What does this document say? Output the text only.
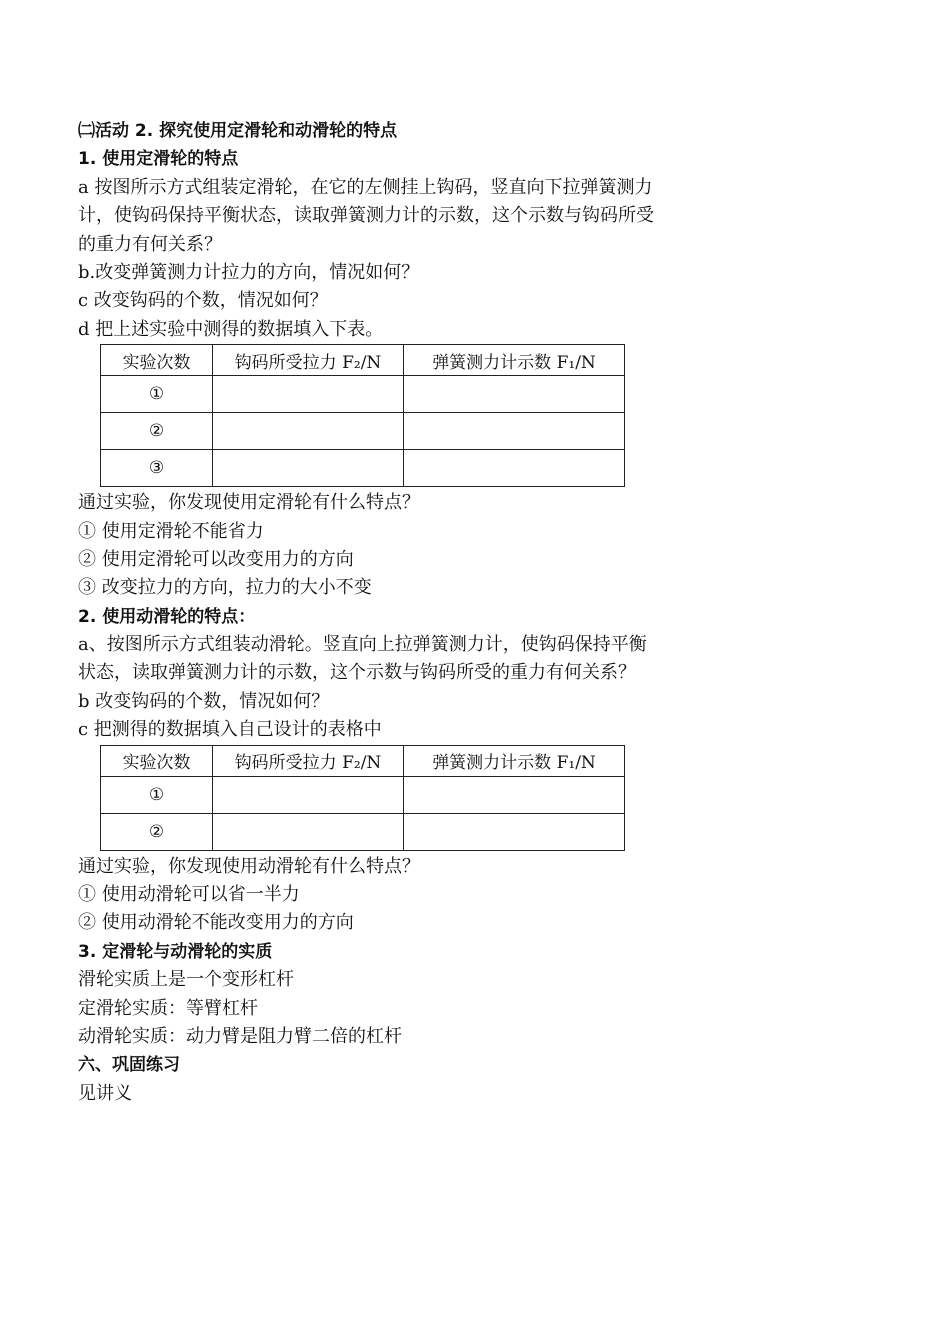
㈡活动 2. 探究使用定滑轮和动滑轮的特点
1. 使用定滑轮的特点
a 按图所示方式组装定滑轮，在它的左侧挂上钩码，竖直向下拉弹簧测力
计，使钩码保持平衡状态，读取弹簧测力计的示数，这个示数与钩码所受
的重力有何关系？
b.改变弹簧测力计拉力的方向，情况如何？
c 改变钩码的个数，情况如何？
d 把上述实验中测得的数据填入下表。
实验次数	钩码所受拉力 F₂/N	弹簧测力计示数 F₁/N
①		
②		
③		
通过实验，你发现使用定滑轮有什么特点？
① 使用定滑轮不能省力
② 使用定滑轮可以改变用力的方向
③ 改变拉力的方向，拉力的大小不变
2. 使用动滑轮的特点：
a、按图所示方式组装动滑轮。竖直向上拉弹簧测力计，使钩码保持平衡
状态，读取弹簧测力计的示数，这个示数与钩码所受的重力有何关系？
b 改变钩码的个数，情况如何？
c 把测得的数据填入自己设计的表格中
实验次数	钩码所受拉力 F₂/N	弹簧测力计示数 F₁/N
①		
②		
通过实验，你发现使用动滑轮有什么特点？
① 使用动滑轮可以省一半力
② 使用动滑轮不能改变用力的方向
3. 定滑轮与动滑轮的实质
滑轮实质上是一个变形杠杆
定滑轮实质：等臂杠杆
动滑轮实质：动力臂是阻力臂二倍的杠杆
六、巩固练习
见讲义
